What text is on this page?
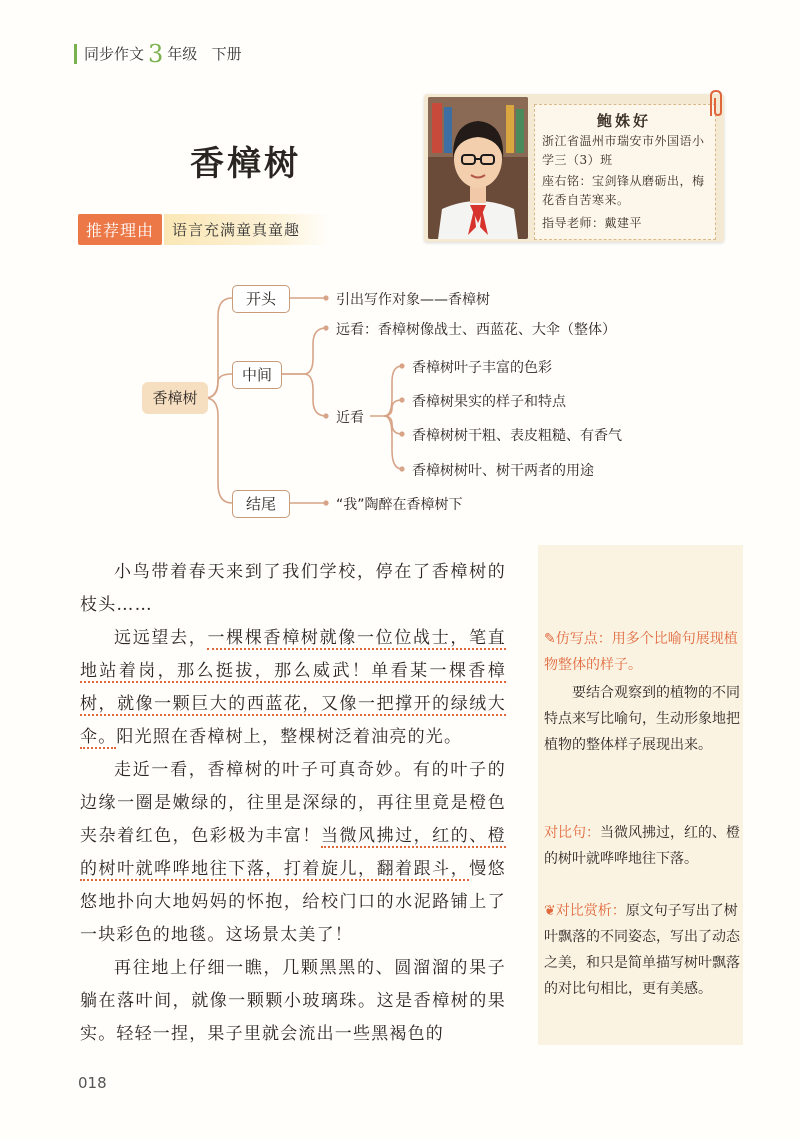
同步作文 3 年级 下册
香樟树
推荐理由	语言充满童真童趣
鲍姝好
浙江省温州市瑞安市外国语小学三（3）班
座右铭：宝剑锋从磨砺出，梅花香自苦寒来。
指导老师：戴建平
香樟树
开头
中间
结尾
引出写作对象——香樟树
远看：香樟树像战士、西蓝花、大伞（整体）
近看
香樟树叶子丰富的色彩
香樟树果实的样子和特点
香樟树树干粗、表皮粗糙、有香气
香樟树树叶、树干两者的用途
“我”陶醉在香樟树下
小鸟带着春天来到了我们学校，停在了香樟树的枝头……
远远望去，一棵棵香樟树就像一位位战士，笔直地站着岗，那么挺拔，那么威武！单看某一棵香樟树，就像一颗巨大的西蓝花，又像一把撑开的绿绒大伞。阳光照在香樟树上，整棵树泛着油亮的光。
走近一看，香樟树的叶子可真奇妙。有的叶子的边缘一圈是嫩绿的，往里是深绿的，再往里竟是橙色夹杂着红色，色彩极为丰富！当微风拂过，红的、橙的树叶就哗哗地往下落，打着旋儿，翻着跟斗，慢悠悠地扑向大地妈妈的怀抱，给校门口的水泥路铺上了一块彩色的地毯。这场景太美了！
再往地上仔细一瞧，几颗黑黑的、圆溜溜的果子躺在落叶间，就像一颗颗小玻璃珠。这是香樟树的果实。轻轻一捏，果子里就会流出一些黑褐色的
✎仿写点：用多个比喻句展现植物整体的样子。
要结合观察到的植物的不同特点来写比喻句，生动形象地把植物的整体样子展现出来。
对比句：当微风拂过，红的、橙的树叶就哗哗地往下落。
❦对比赏析：原文句子写出了树叶飘落的不同姿态，写出了动态之美，和只是简单描写树叶飘落的对比句相比，更有美感。
018
